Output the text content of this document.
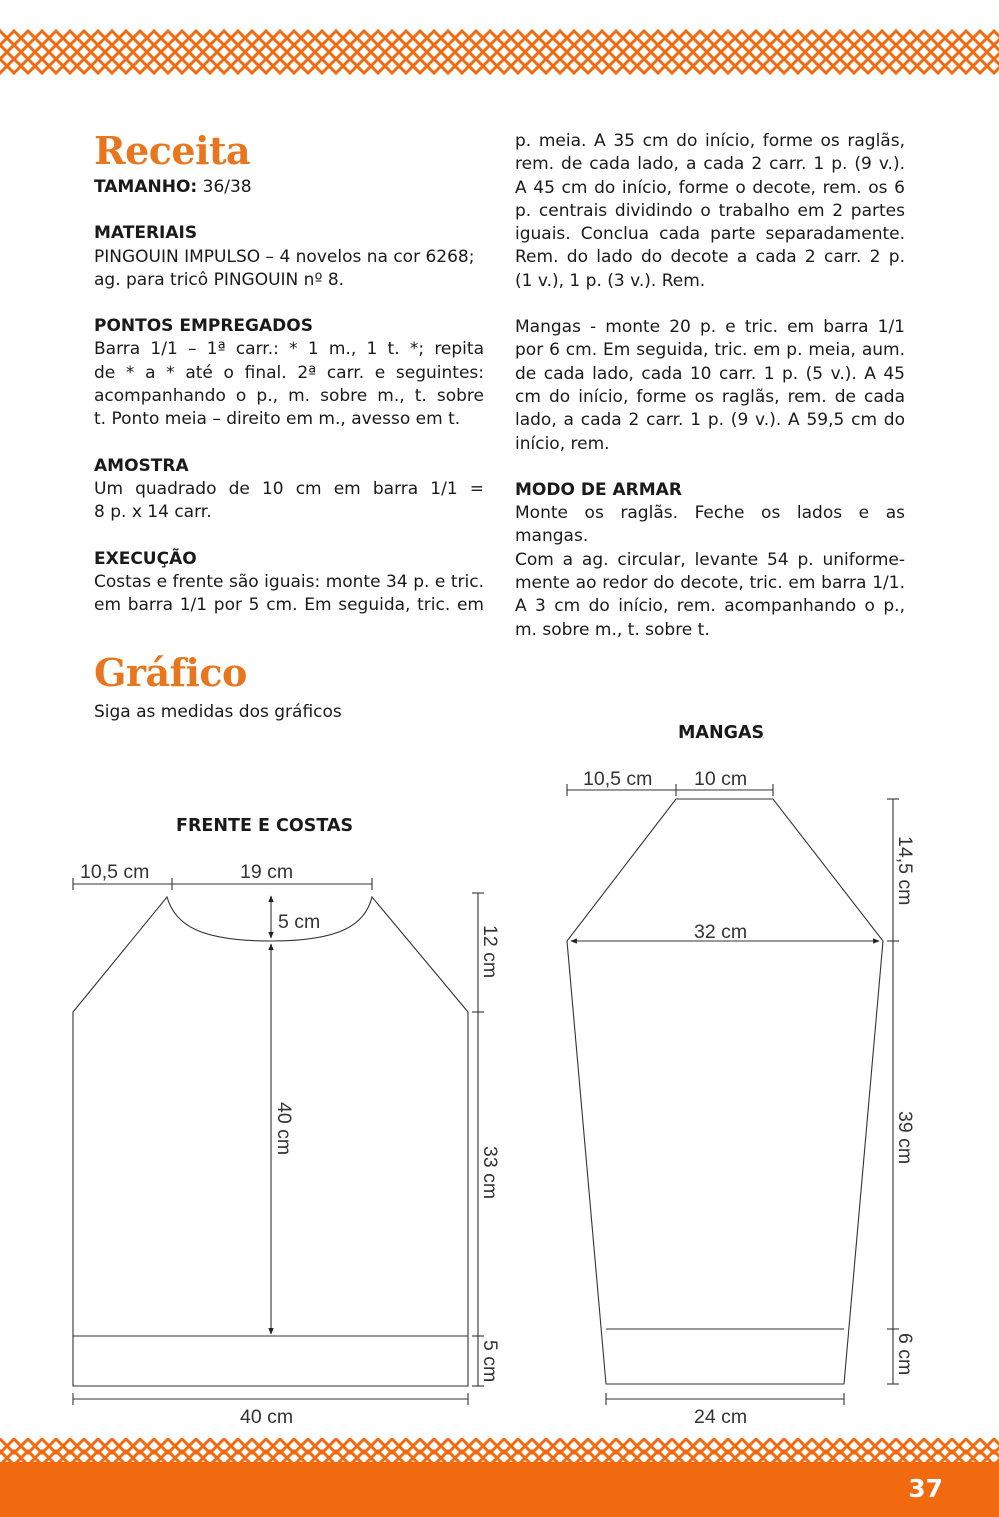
Receita

TAMANHO: 36/38

MATERIAIS

PINGOUIN IMPULSO – 4 novelos na cor 6268;

ag. para tricô PINGOUIN nº 8.

PONTOS EMPREGADOS

Barra 1/1 – 1ª carr.: * 1 m., 1 t. *; repita

de * a * até o final. 2ª carr. e seguintes:

acompanhando o p., m. sobre m., t. sobre

t. Ponto meia – direito em m., avesso em t.

AMOSTRA

Um quadrado de 10 cm em barra 1/1 =

8 p. x 14 carr.

EXECUÇÃO

Costas e frente são iguais: monte 34 p. e tric.

em barra 1/1 por 5 cm. Em seguida, tric. em

p. meia. A 35 cm do início, forme os raglãs,

rem. de cada lado, a cada 2 carr. 1 p. (9 v.).

A 45 cm do início, forme o decote, rem. os 6

p. centrais dividindo o trabalho em 2 partes

iguais. Conclua cada parte separadamente.

Rem. do lado do decote a cada 2 carr. 2 p.

(1 v.), 1 p. (3 v.). Rem.

Mangas - monte 20 p. e tric. em barra 1/1

por 6 cm. Em seguida, tric. em p. meia, aum.

de cada lado, cada 10 carr. 1 p. (5 v.). A 45

cm do início, forme os raglãs, rem. de cada

lado, a cada 2 carr. 1 p. (9 v.). A 59,5 cm do

início, rem.

MODO DE ARMAR

Monte os raglãs. Feche os lados e as mangas.

Com a ag. circular, levante 54 p. uniforme-

mente ao redor do decote, tric. em barra 1/1.

A 3 cm do início, rem. acompanhando o p.,

m. sobre m., t. sobre t.

Gráfico
Siga as medidas dos gráficos
FRENTE E COSTAS
MANGAS
10,5 cm	19 cm
5 cm
40 cm
12 cm
33 cm
5 cm
40 cm
10,5 cm 10 cm
32 cm
14,5 cm
39 cm
6 cm
24 cm
37
